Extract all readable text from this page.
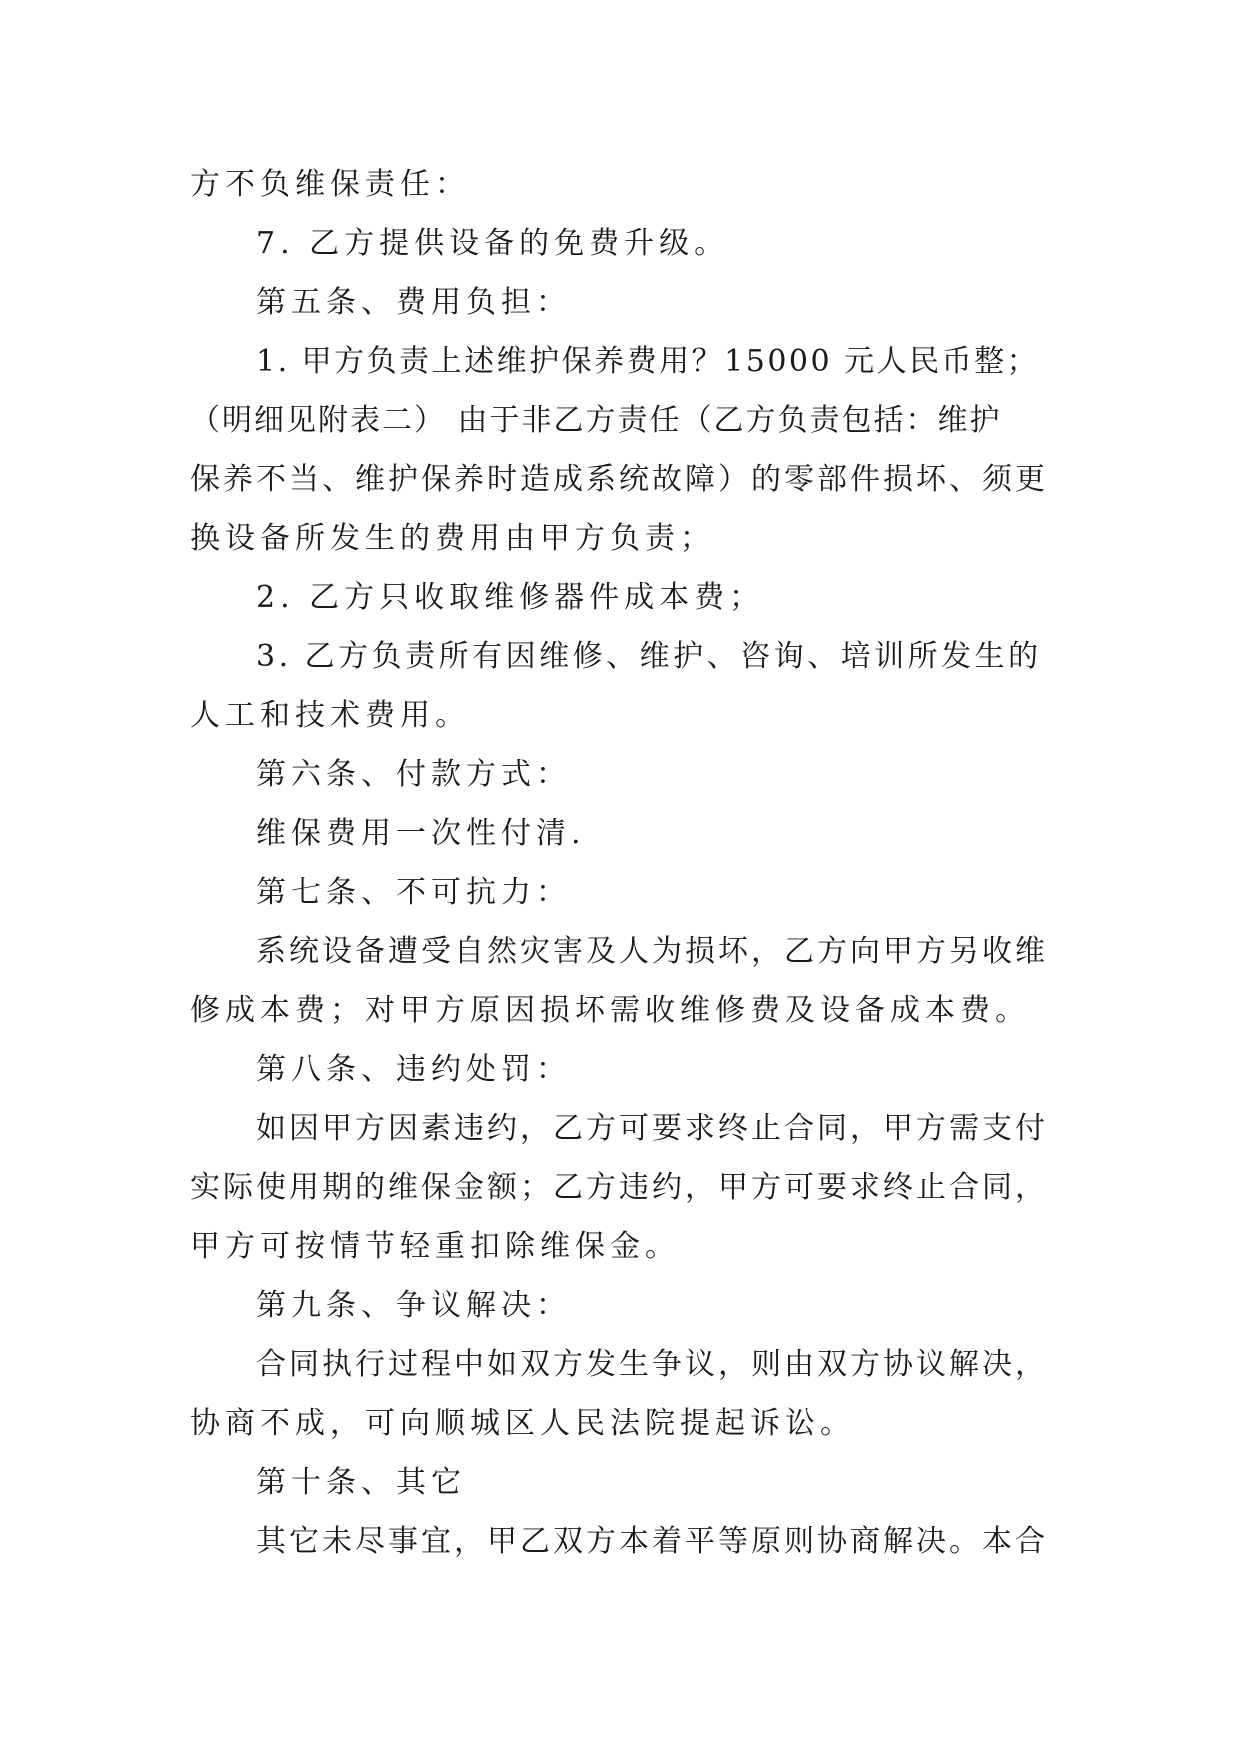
方不负维保责任：
7. 乙方提供设备的免费升级。
第五条、费用负担：
1. 甲方负责上述维护保养费用？15000 元人民币整；
（明细见附表二） 由于非乙方责任（乙方负责包括：维护
保养不当、维护保养时造成系统故障）的零部件损坏、须更
换设备所发生的费用由甲方负责；
2. 乙方只收取维修器件成本费；
3. 乙方负责所有因维修、维护、咨询、培训所发生的
人工和技术费用。
第六条、付款方式：
维保费用一次性付清.
第七条、不可抗力：
系统设备遭受自然灾害及人为损坏，乙方向甲方另收维
修成本费；对甲方原因损坏需收维修费及设备成本费。
第八条、违约处罚：
如因甲方因素违约，乙方可要求终止合同，甲方需支付
实际使用期的维保金额；乙方违约，甲方可要求终止合同，
甲方可按情节轻重扣除维保金。
第九条、争议解决：
合同执行过程中如双方发生争议，则由双方协议解决，
协商不成，可向顺城区人民法院提起诉讼。
第十条、其它
其它未尽事宜，甲乙双方本着平等原则协商解决。本合
